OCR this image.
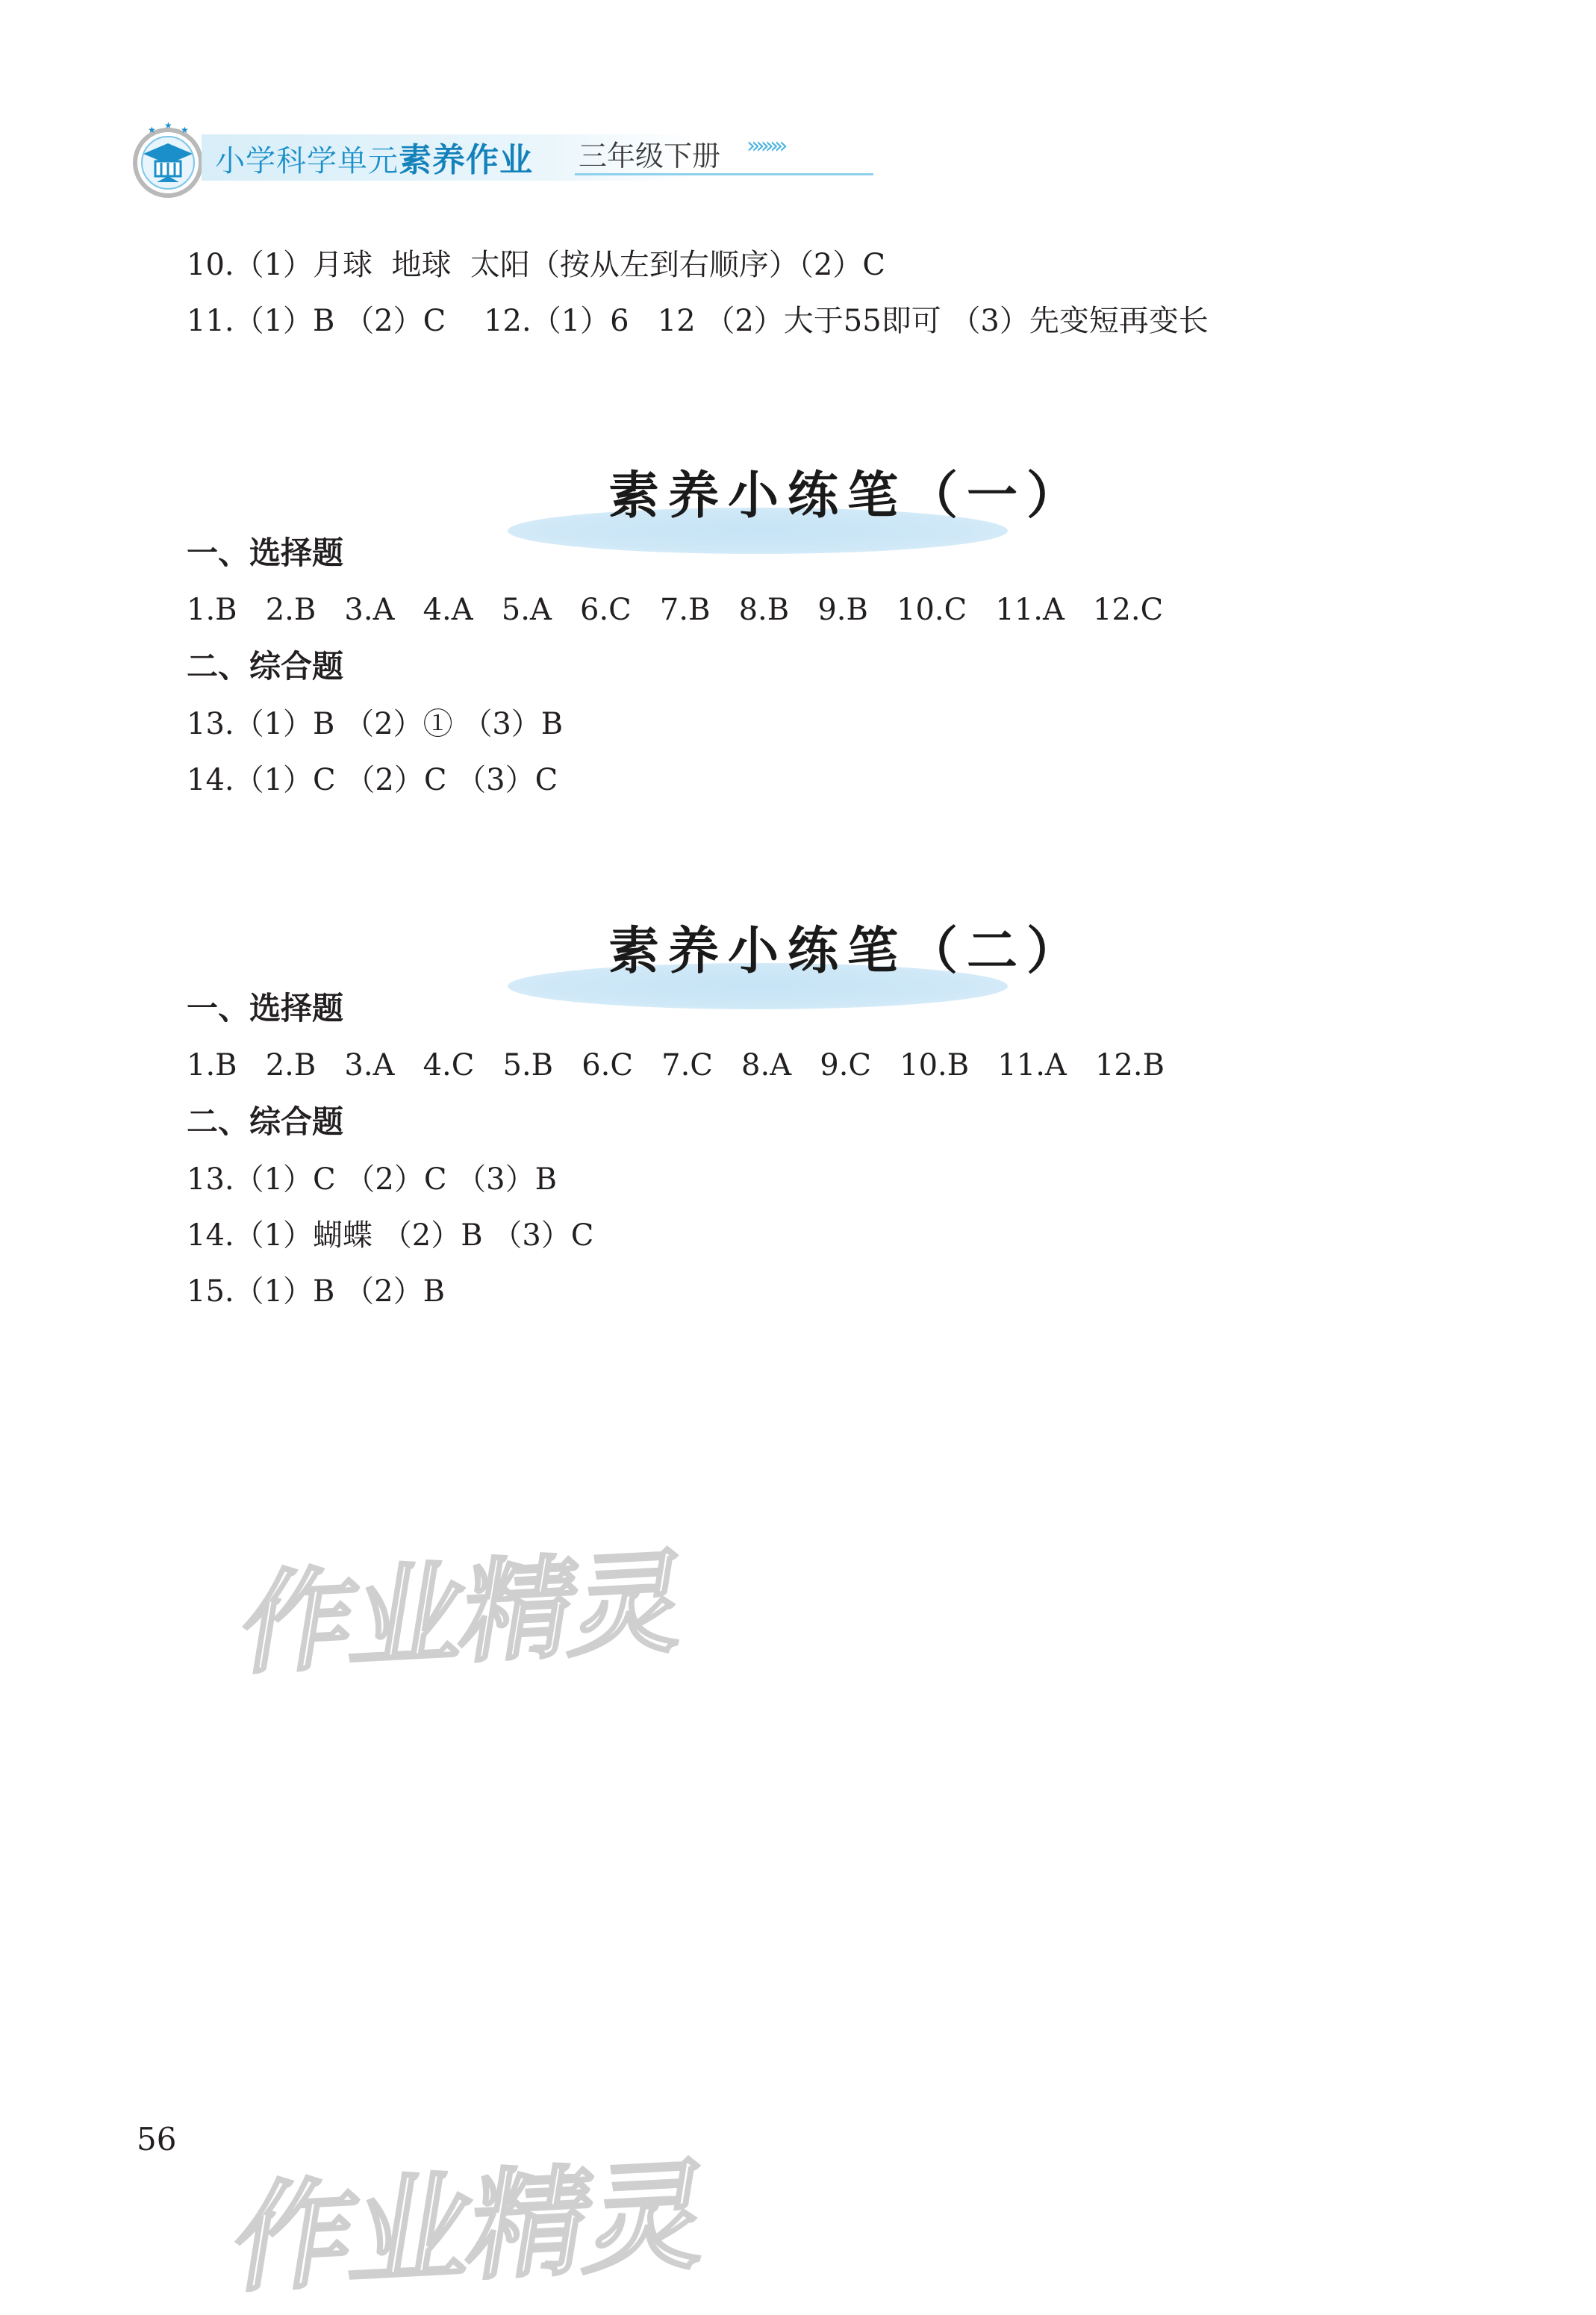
★ ★ ★
小学科学单元素养作业 三年级下册 »»»»
10.（1）月球  地球  太阳（按从左到右顺序）（2）C
11.（1）B （2）C    12.（1）6   12 （2）大于55即可 （3）先变短再变长
素养小练笔（一）
一、选择题
1.B   2.B   3.A   4.A   5.A   6.C   7.B   8.B   9.B   10.C   11.A   12.C
二、综合题
13.（1）B （2）① （3）B
14.（1）C （2）C （3）C
素养小练笔（二）
一、选择题
1.B   2.B   3.A   4.C   5.B   6.C   7.C   8.A   9.C   10.B   11.A   12.B
二、综合题
13.（1）C （2）C （3）B
14.（1）蝴蝶 （2）B （3）C
15.（1）B （2）B
作业精灵
作业精灵
56
